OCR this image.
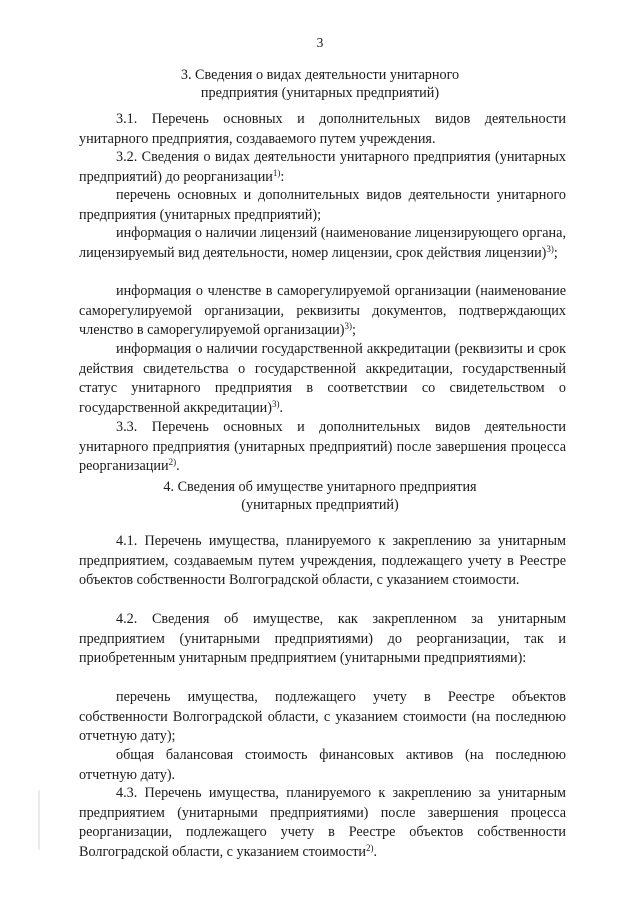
3
3. Сведения о видах деятельности унитарного
предприятия (унитарных предприятий)
3.1. Перечень основных и дополнительных видов деятельности унитарного предприятия, создаваемого путем учреждения.
3.2. Сведения о видах деятельности унитарного предприятия (унитарных предприятий) до реорганизации$^{1)}$:
перечень основных и дополнительных видов деятельности унитарного предприятия (унитарных предприятий);
информация о наличии лицензий (наименование лицензирующего органа, лицензируемый вид деятельности, номер лицензии, срок действия лицензии)$^{3)}$;
информация о членстве в саморегулируемой организации (наименование саморегулируемой организации, реквизиты документов, подтверждающих членство в саморегулируемой организации)$^{3)}$;
информация о наличии государственной аккредитации (реквизиты и срок действия свидетельства о государственной аккредитации, государственный статус унитарного предприятия в соответствии со свидетельством о государственной аккредитации)$^{3)}$.
3.3. Перечень основных и дополнительных видов деятельности унитарного предприятия (унитарных предприятий) после завершения процесса реорганизации$^{2)}$.
4. Сведения об имуществе унитарного предприятия
(унитарных предприятий)
4.1. Перечень имущества, планируемого к закреплению за унитарным предприятием, создаваемым путем учреждения, подлежащего учету в Реестре объектов собственности Волгоградской области, с указанием стоимости.
4.2. Сведения об имуществе, как закрепленном за унитарным предприятием (унитарными предприятиями) до реорганизации, так и приобретенным унитарным предприятием (унитарными предприятиями):
перечень имущества, подлежащего учету в Реестре объектов собственности Волгоградской области, с указанием стоимости (на последнюю отчетную дату);
общая балансовая стоимость финансовых активов (на последнюю отчетную дату).
4.3. Перечень имущества, планируемого к закреплению за унитарным предприятием (унитарными предприятиями) после завершения процесса реорганизации, подлежащего учету в Реестре объектов собственности Волгоградской области, с указанием стоимости$^{2)}$.
